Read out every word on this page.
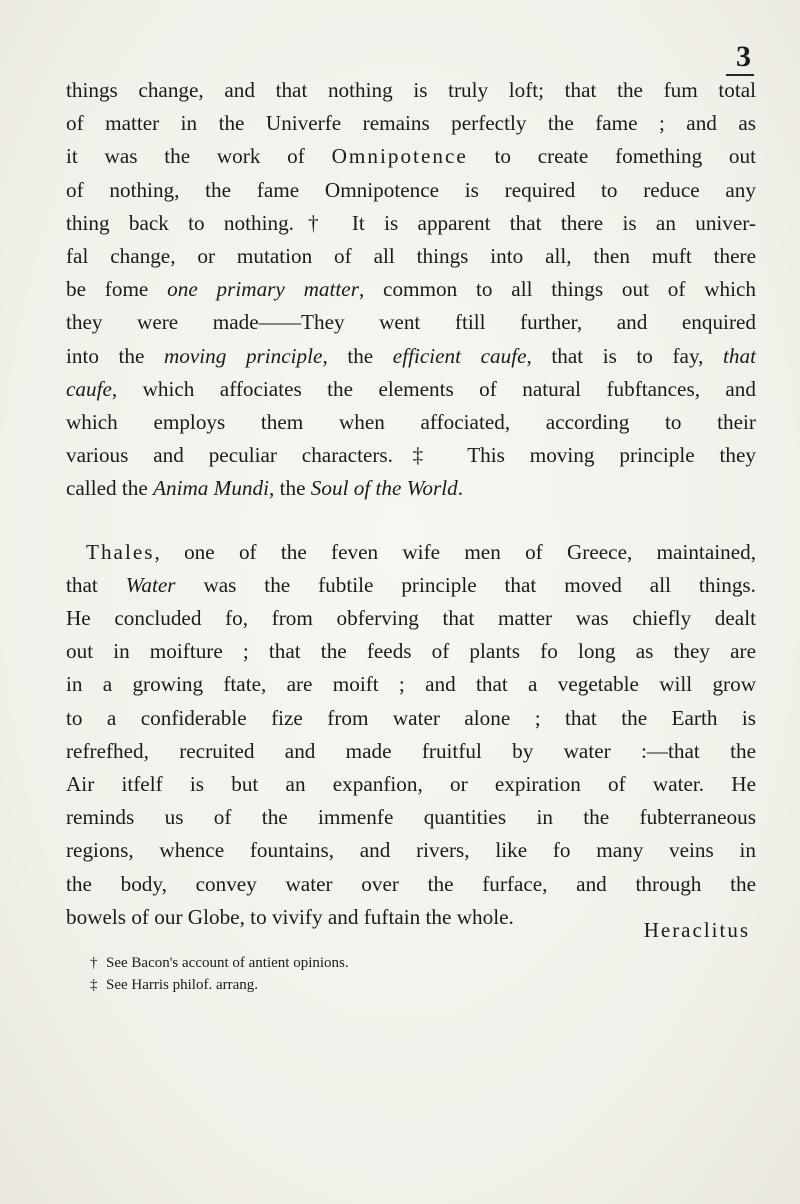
3
things change, and that nothing is truly loft; that the fum total
of matter in the Univerfe remains perfectly the fame ; and as
it was the work of Omnipotence to create fomething out
of nothing, the fame Omnipotence is required to reduce any
thing back to nothing.† It is apparent that there is an univer-
fal change, or mutation of all things into all, then muft there
be fome one primary matter, common to all things out of which
they were made——They went ftill further, and enquired
into the moving principle, the efficient caufe, that is to fay, that
caufe, which affociates the elements of natural fubftances, and
which employs them when affociated, according to their
various and peculiar characters.‡ This moving principle they
called the Anima Mundi, the Soul of the World.
Thales, one of the feven wife men of Greece, maintained,
that Water was the fubtile principle that moved all things.
He concluded fo, from obferving that matter was chiefly dealt
out in moifture ; that the feeds of plants fo long as they are
in a growing ftate, are moift ; and that a vegetable will grow
to a confiderable fize from water alone ; that the Earth is
refrefhed, recruited and made fruitful by water :—that the
Air itfelf is but an expanfion, or expiration of water. He
reminds us of the immenfe quantities in the fubterraneous
regions, whence fountains, and rivers, like fo many veins in
the body, convey water over the furface, and through the
bowels of our Globe, to vivify and fuftain the whole.
Heraclitus
† See Bacon's account of antient opinions.
‡ See Harris philof. arrang.
